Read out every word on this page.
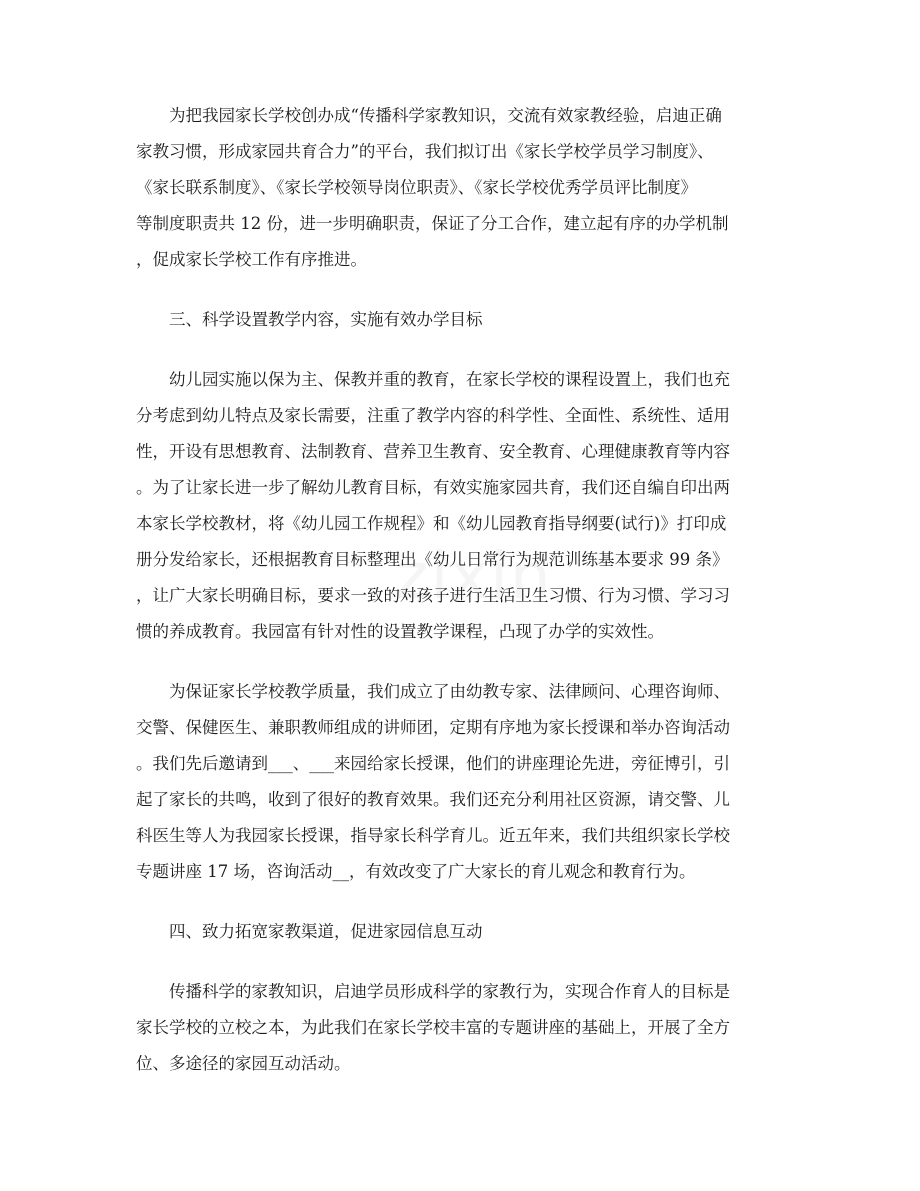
zixin
为把我园家长学校创办成“传播科学家教知识，交流有效家教经验，启迪正确
家教习惯，形成家园共育合力”的平台，我们拟订出《家长学校学员学习制度》、
《家长联系制度》、《家长学校领导岗位职责》、《家长学校优秀学员评比制度》
等制度职责共 12 份，进一步明确职责，保证了分工合作，建立起有序的办学机制
，促成家长学校工作有序推进。
三、科学设置教学内容，实施有效办学目标
幼儿园实施以保为主、保教并重的教育，在家长学校的课程设置上，我们也充
分考虑到幼儿特点及家长需要，注重了教学内容的科学性、全面性、系统性、适用
性，开设有思想教育、法制教育、营养卫生教育、安全教育、心理健康教育等内容
。为了让家长进一步了解幼儿教育目标，有效实施家园共育，我们还自编自印出两
本家长学校教材，将《幼儿园工作规程》和《幼儿园教育指导纲要(试行)》打印成
册分发给家长，还根据教育目标整理出《幼儿日常行为规范训练基本要求 99 条》
，让广大家长明确目标，要求一致的对孩子进行生活卫生习惯、行为习惯、学习习
惯的养成教育。我园富有针对性的设置教学课程，凸现了办学的实效性。
为保证家长学校教学质量，我们成立了由幼教专家、法律顾问、心理咨询师、
交警、保健医生、兼职教师组成的讲师团，定期有序地为家长授课和举办咨询活动
。我们先后邀请到___、___来园给家长授课，他们的讲座理论先进，旁征博引，引
起了家长的共鸣，收到了很好的教育效果。我们还充分利用社区资源，请交警、儿
科医生等人为我园家长授课，指导家长科学育儿。近五年来，我们共组织家长学校
专题讲座 17 场，咨询活动__，有效改变了广大家长的育儿观念和教育行为。
四、致力拓宽家教渠道，促进家园信息互动
传播科学的家教知识，启迪学员形成科学的家教行为，实现合作育人的目标是
家长学校的立校之本，为此我们在家长学校丰富的专题讲座的基础上，开展了全方
位、多途径的家园互动活动。
